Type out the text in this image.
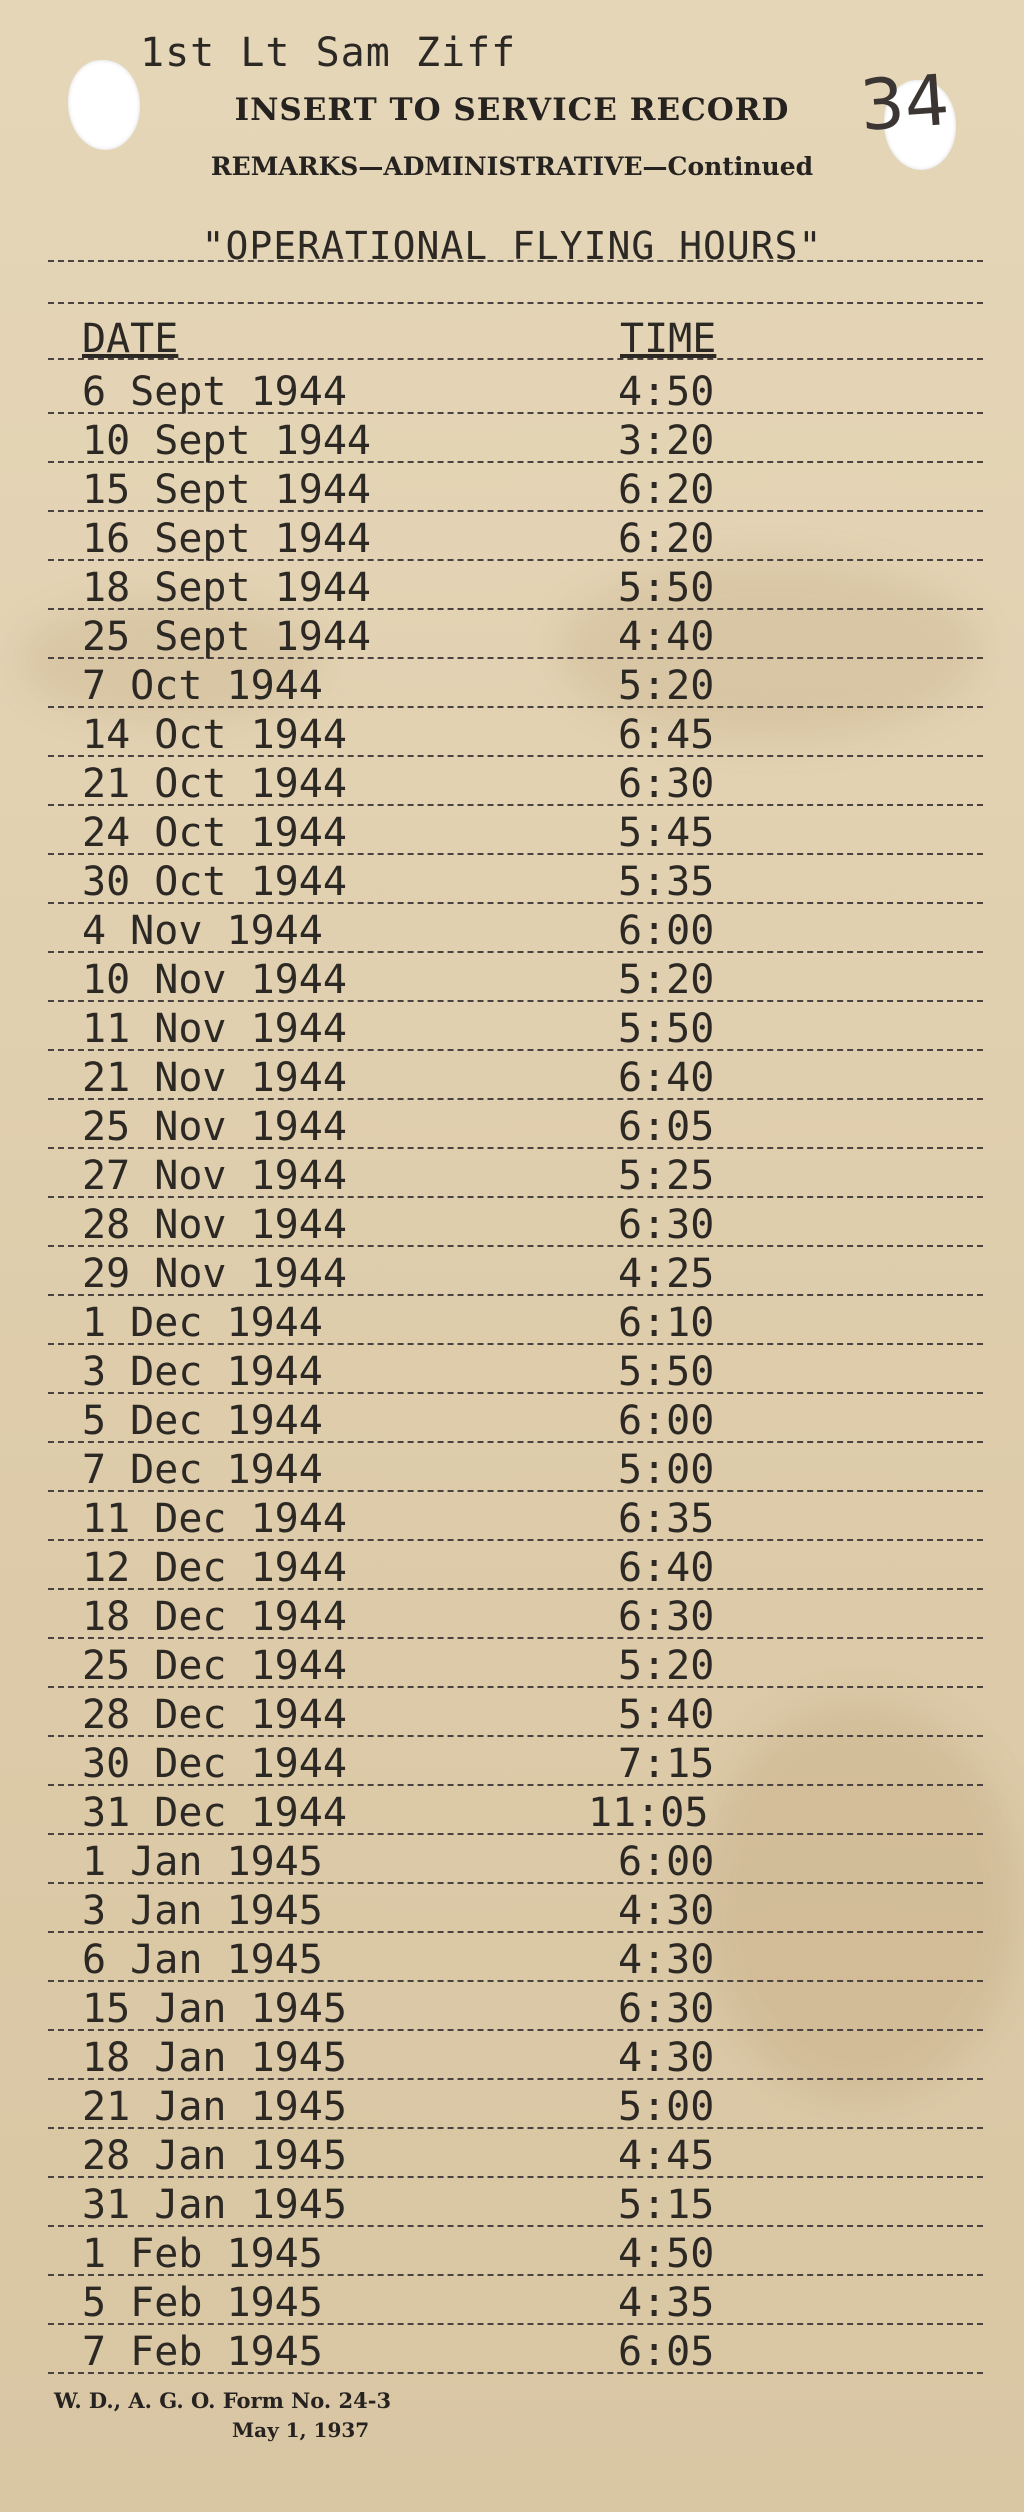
1st Lt Sam Ziff
34
INSERT TO SERVICE RECORD
REMARKS—ADMINISTRATIVE—Continued
"OPERATIONAL FLYING HOURS"
DATE	TIME
6 Sept 1944	4:50
10 Sept 1944	3:20
15 Sept 1944	6:20
16 Sept 1944	6:20
18 Sept 1944	5:50
25 Sept 1944	4:40
7 Oct 1944	5:20
14 Oct 1944	6:45
21 Oct 1944	6:30
24 Oct 1944	5:45
30 Oct 1944	5:35
4 Nov 1944	6:00
10 Nov 1944	5:20
11 Nov 1944	5:50
21 Nov 1944	6:40
25 Nov 1944	6:05
27 Nov 1944	5:25
28 Nov 1944	6:30
29 Nov 1944	4:25
1 Dec 1944	6:10
3 Dec 1944	5:50
5 Dec 1944	6:00
7 Dec 1944	5:00
11 Dec 1944	6:35
12 Dec 1944	6:40
18 Dec 1944	6:30
25 Dec 1944	5:20
28 Dec 1944	5:40
30 Dec 1944	7:15
31 Dec 1944	11:05
1 Jan 1945	6:00
3 Jan 1945	4:30
6 Jan 1945	4:30
15 Jan 1945	6:30
18 Jan 1945	4:30
21 Jan 1945	5:00
28 Jan 1945	4:45
31 Jan 1945	5:15
1 Feb 1945	4:50
5 Feb 1945	4:35
7 Feb 1945	6:05
W. D., A. G. O. Form No. 24-3
May 1, 1937
